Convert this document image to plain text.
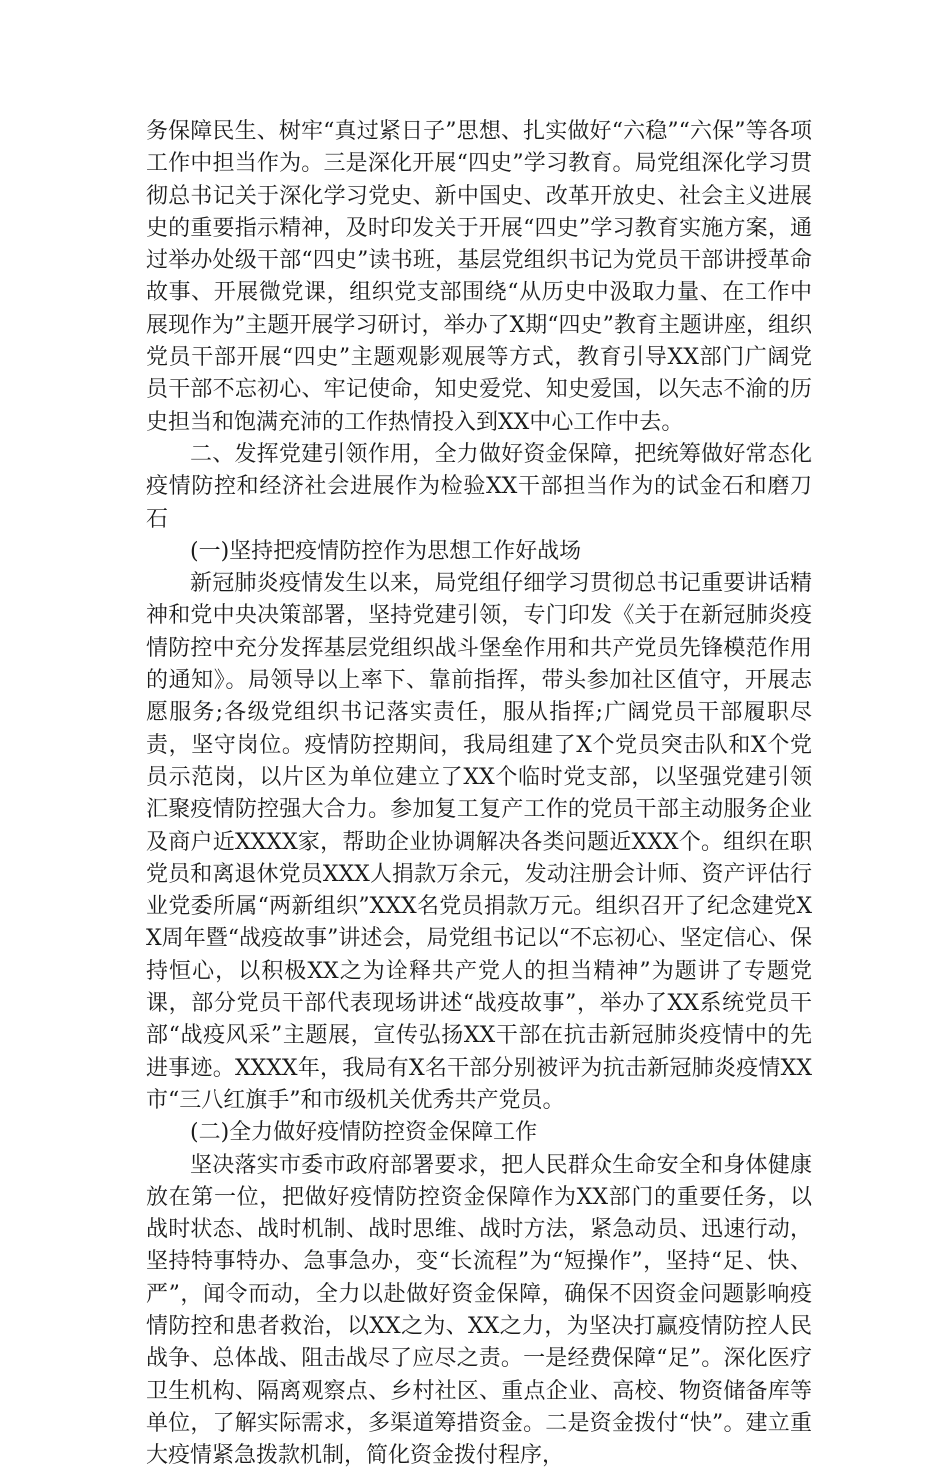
务保障民生、树牢“真过紧日子”思想、扎实做好“六稳”“六保”等各项工作中担当作为。三是深化开展“四史”学习教育。局党组深化学习贯彻总书记关于深化学习党史、新中国史、改革开放史、社会主义进展史的重要指示精神，及时印发关于开展“四史”学习教育实施方案，通过举办处级干部“四史”读书班，基层党组织书记为党员干部讲授革命故事、开展微党课，组织党支部围绕“从历史中汲取力量、在工作中展现作为”主题开展学习研讨，举办了X期“四史”教育主题讲座，组织党员干部开展“四史”主题观影观展等方式，教育引导XX部门广阔党员干部不忘初心、牢记使命，知史爱党、知史爱国，以矢志不渝的历史担当和饱满充沛的工作热情投入到XX中心工作中去。

二、发挥党建引领作用，全力做好资金保障，把统筹做好常态化疫情防控和经济社会进展作为检验XX干部担当作为的试金石和磨刀石

(一)坚持把疫情防控作为思想工作好战场

新冠肺炎疫情发生以来，局党组仔细学习贯彻总书记重要讲话精神和党中央决策部署，坚持党建引领，专门印发《关于在新冠肺炎疫情防控中充分发挥基层党组织战斗堡垒作用和共产党员先锋模范作用的通知》。局领导以上率下、靠前指挥，带头参加社区值守，开展志愿服务;各级党组织书记落实责任，服从指挥;广阔党员干部履职尽责，坚守岗位。疫情防控期间，我局组建了X个党员突击队和X个党员示范岗，以片区为单位建立了XX个临时党支部，以坚强党建引领汇聚疫情防控强大合力。参加复工复产工作的党员干部主动服务企业及商户近XXXX家，帮助企业协调解决各类问题近XXX个。组织在职党员和离退休党员XXX人捐款万余元，发动注册会计师、资产评估行业党委所属“两新组织”XXX名党员捐款万元。组织召开了纪念建党XX周年暨“战疫故事”讲述会，局党组书记以“不忘初心、坚定信心、保持恒心，以积极XX之为诠释共产党人的担当精神”为题讲了专题党课，部分党员干部代表现场讲述“战疫故事”，举办了XX系统党员干部“战疫风采”主题展，宣传弘扬XX干部在抗击新冠肺炎疫情中的先进事迹。XXXX年，我局有X名干部分别被评为抗击新冠肺炎疫情XX市“三八红旗手”和市级机关优秀共产党员。

(二)全力做好疫情防控资金保障工作

坚决落实市委市政府部署要求，把人民群众生命安全和身体健康放在第一位，把做好疫情防控资金保障作为XX部门的重要任务，以战时状态、战时机制、战时思维、战时方法，紧急动员、迅速行动，坚持特事特办、急事急办，变“长流程”为“短操作”，坚持“足、快、严”，闻令而动，全力以赴做好资金保障，确保不因资金问题影响疫情防控和患者救治，以XX之为、XX之力，为坚决打赢疫情防控人民战争、总体战、阻击战尽了应尽之责。一是经费保障“足”。深化医疗卫生机构、隔离观察点、乡村社区、重点企业、高校、物资储备库等单位，了解实际需求，多渠道筹措资金。二是资金拨付“快”。建立重大疫情紧急拨款机制，简化资金拨付程序，
